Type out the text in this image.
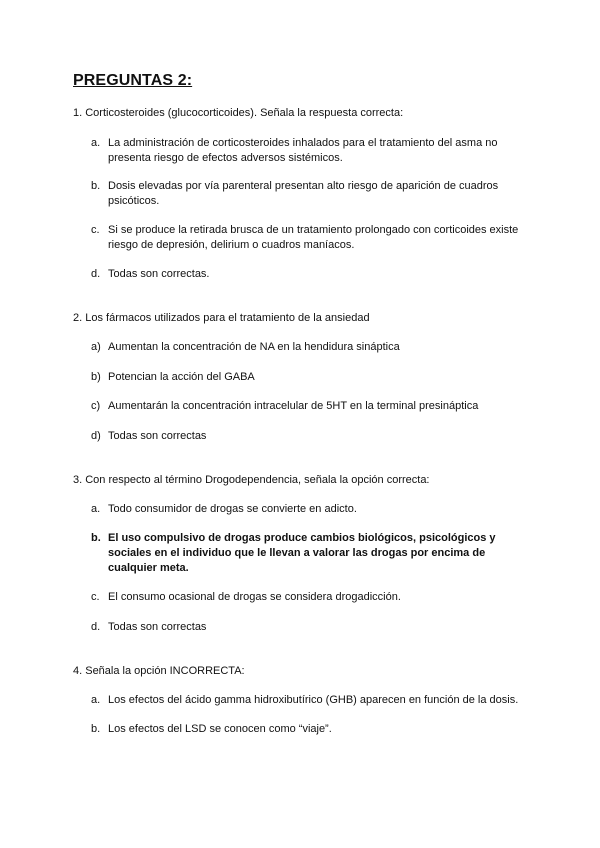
PREGUNTAS 2:

1. Corticosteroides (glucocorticoides). Señala la respuesta correcta:

a. La administración de corticosteroides inhalados para el tratamiento del asma no presenta riesgo de efectos adversos sistémicos.
b. Dosis elevadas por vía parenteral presentan alto riesgo de aparición de cuadros psicóticos.
c. Si se produce la retirada brusca de un tratamiento prolongado con corticoides existe riesgo de depresión, delirium o cuadros maníacos.
d. Todas son correctas.

2. Los fármacos utilizados para el tratamiento de la ansiedad

a) Aumentan la concentración de NA en la hendidura sináptica
b) Potencian la acción del GABA
c) Aumentarán la concentración intracelular de 5HT en la terminal presináptica
d) Todas son correctas

3. Con respecto al término Drogodependencia, señala la opción correcta:

a. Todo consumidor de drogas se convierte en adicto.
b. El uso compulsivo de drogas produce cambios biológicos, psicológicos y sociales en el individuo que le llevan a valorar las drogas por encima de cualquier meta.
c. El consumo ocasional de drogas se considera drogadicción.
d. Todas son correctas

4. Señala la opción INCORRECTA:

a. Los efectos del ácido gamma hidroxibutírico (GHB) aparecen en función de la dosis.
b. Los efectos del LSD se conocen como “viaje”.
